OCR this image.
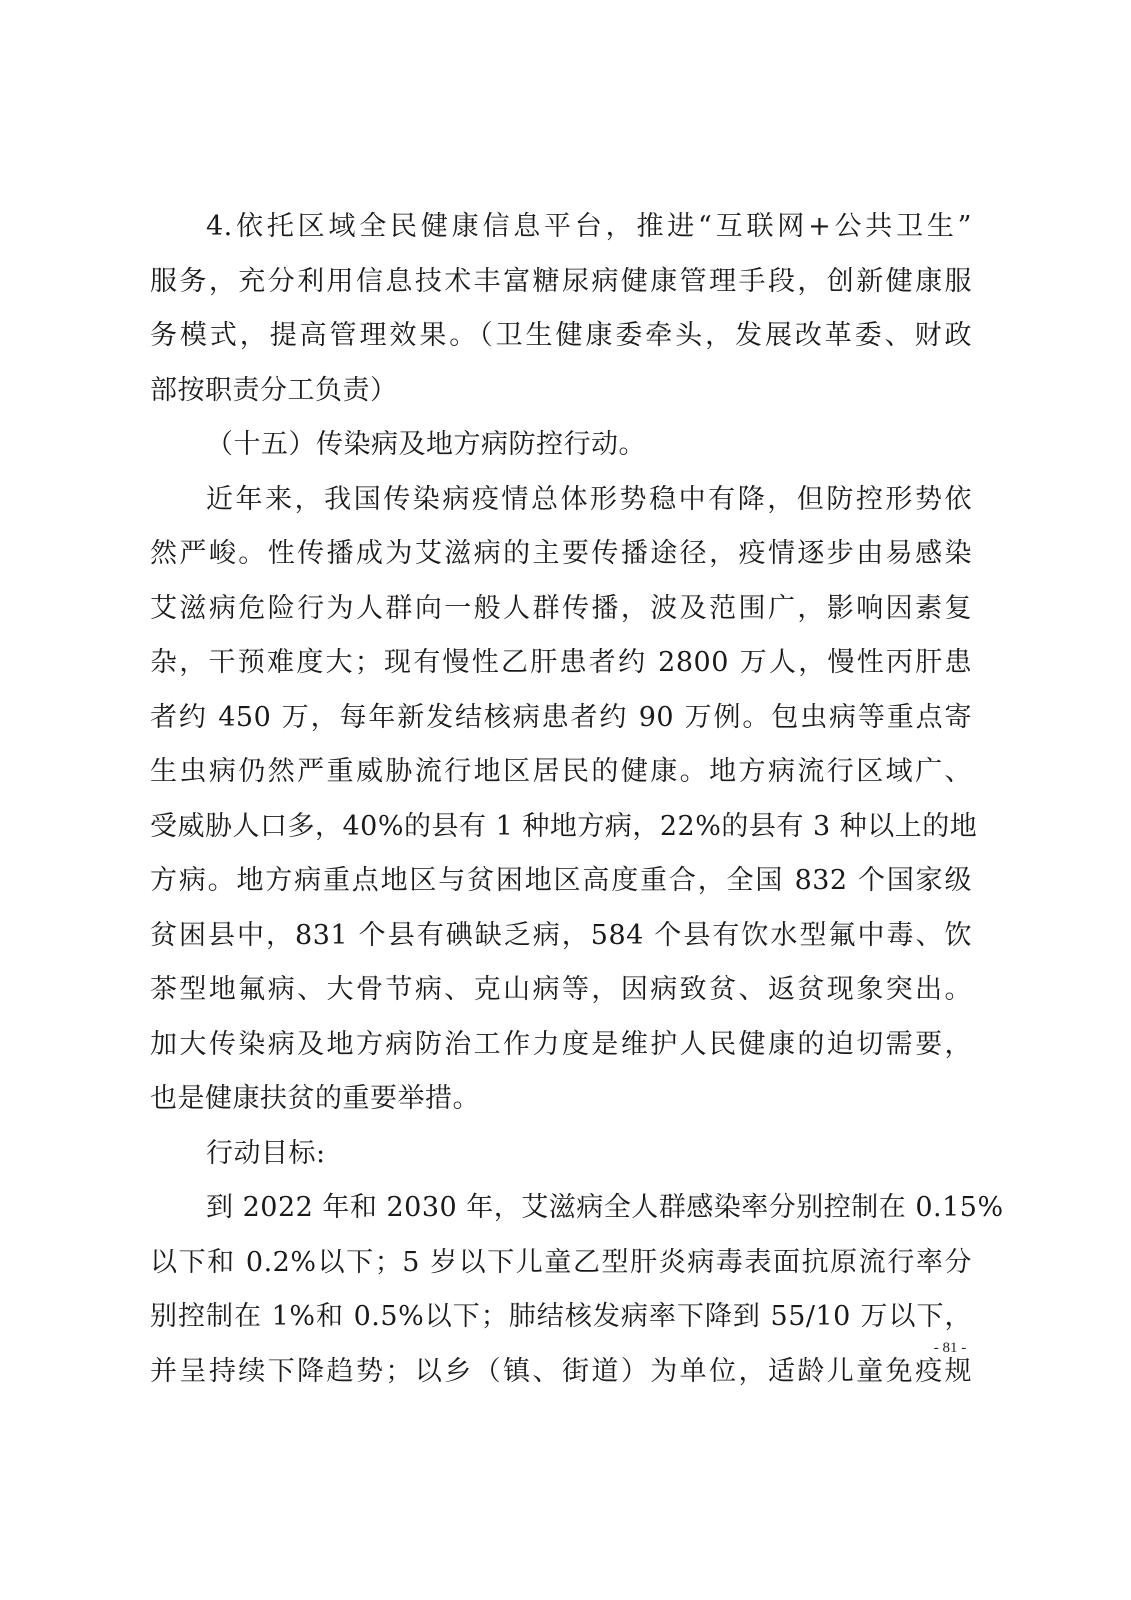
4.依托区域全民健康信息平台，推进“互联网+公共卫生”
服务，充分利用信息技术丰富糖尿病健康管理手段，创新健康服
务模式，提高管理效果。（卫生健康委牵头，发展改革委、财政
部按职责分工负责）
（十五）传染病及地方病防控行动。
近年来，我国传染病疫情总体形势稳中有降，但防控形势依
然严峻。性传播成为艾滋病的主要传播途径，疫情逐步由易感染
艾滋病危险行为人群向一般人群传播，波及范围广，影响因素复
杂，干预难度大；现有慢性乙肝患者约 2800 万人，慢性丙肝患
者约 450 万，每年新发结核病患者约 90 万例。包虫病等重点寄
生虫病仍然严重威胁流行地区居民的健康。地方病流行区域广、
受威胁人口多，40%的县有 1 种地方病，22%的县有 3 种以上的地
方病。地方病重点地区与贫困地区高度重合，全国 832 个国家级
贫困县中，831 个县有碘缺乏病，584 个县有饮水型氟中毒、饮
茶型地氟病、大骨节病、克山病等，因病致贫、返贫现象突出。
加大传染病及地方病防治工作力度是维护人民健康的迫切需要，
也是健康扶贫的重要举措。
行动目标:
到 2022 年和 2030 年，艾滋病全人群感染率分别控制在 0.15%
以下和 0.2%以下；5 岁以下儿童乙型肝炎病毒表面抗原流行率分
别控制在 1%和 0.5%以下；肺结核发病率下降到 55/10 万以下，
并呈持续下降趋势；以乡（镇、街道）为单位，适龄儿童免疫规
- 81 -
